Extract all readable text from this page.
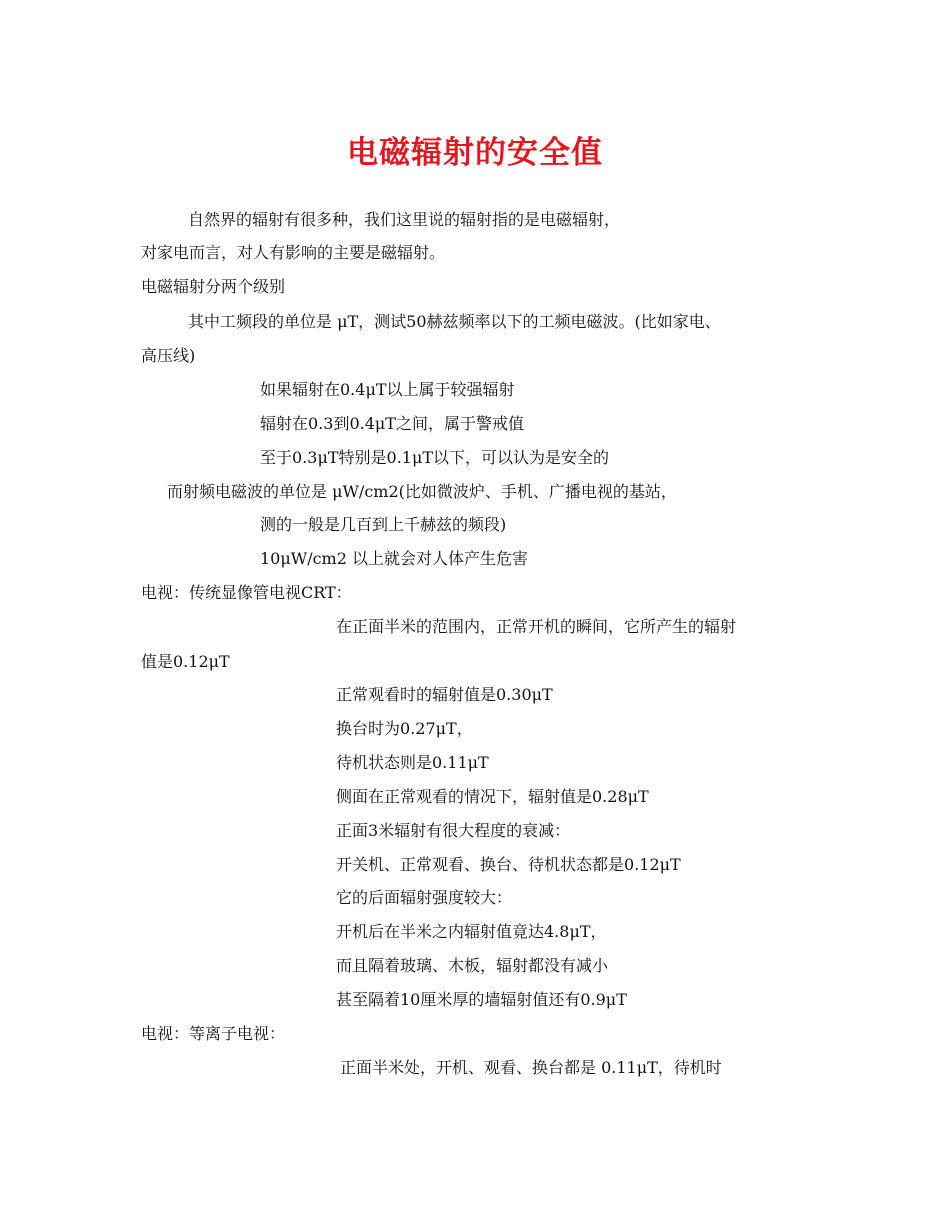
电磁辐射的安全值

自然界的辐射有很多种，我们这里说的辐射指的是电磁辐射，

对家电而言，对人有影响的主要是磁辐射。

电磁辐射分两个级别

其中工频段的单位是 μT，测试50赫兹频率以下的工频电磁波。(比如家电、

高压线)

如果辐射在0.4μT以上属于较强辐射

辐射在0.3到0.4μT之间，属于警戒值

至于0.3μT特别是0.1μT以下，可以认为是安全的

而射频电磁波的单位是 μW/cm2(比如微波炉、手机、广播电视的基站，

测的一般是几百到上千赫兹的频段)

10μW/cm2 以上就会对人体产生危害

电视：传统显像管电视CRT：

在正面半米的范围内，正常开机的瞬间，它所产生的辐射

值是0.12μT

正常观看时的辐射值是0.30μT

换台时为0.27μT，

待机状态则是0.11μT

侧面在正常观看的情况下，辐射值是0.28μT

正面3米辐射有很大程度的衰减：

开关机、正常观看、换台、待机状态都是0.12μT

它的后面辐射强度较大：

开机后在半米之内辐射值竟达4.8μT，

而且隔着玻璃、木板，辐射都没有减小

甚至隔着10厘米厚的墙辐射值还有0.9μT

电视：等离子电视：

正面半米处，开机、观看、换台都是 0.11μT，待机时
